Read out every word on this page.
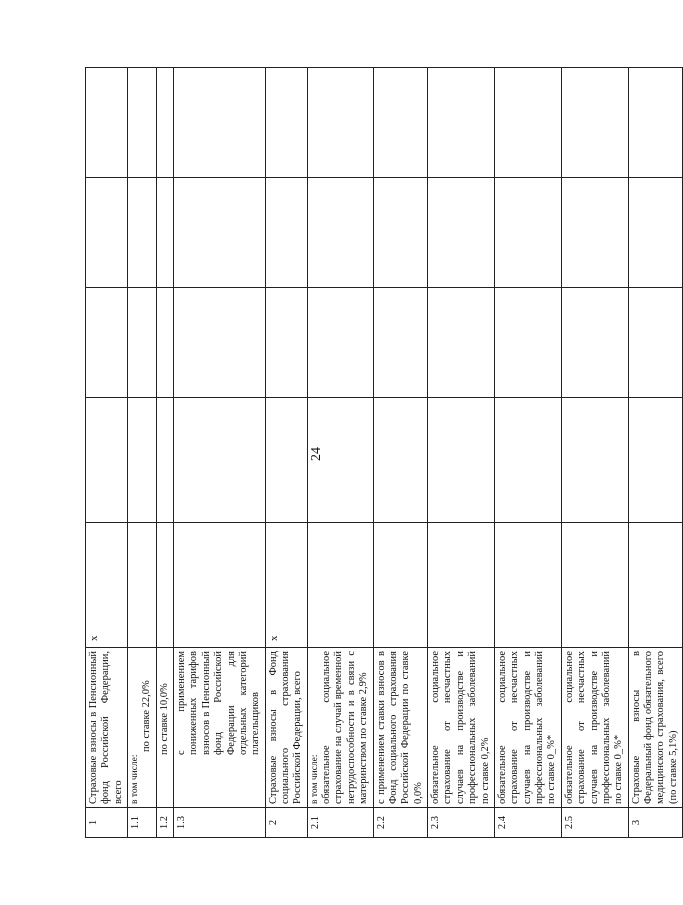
24
1	Страховые взносы в Пенсионный фонд Российской Федерации, всего	x				
1.1	в том числе:
по ставке 22,0%					

1.2	по ставке 10,0%					
1.3	с применением пониженных тарифов взносов в Пенсионный фонд Российской Федерации для отдельных категорий плательщиков					
2	Страховые взносы в Фонд социального страхования Российской Федерации, всего	x				
2.1	в том числе: обязательное социальное страхование на случай временной нетрудоспособности и в связи с материнством по ставке 2,9%					

2.2	с применением ставки взносов в Фонд социального страхования Российской Федерации по ставке 0,0%					
2.3	обязательное социальное страхование от несчастных случаев на производстве и профессиональных заболеваний по ставке 0,2%					
2.4	обязательное социальное страхование от несчастных случаев на производстве и профессиональных заболеваний по ставке 0_%*					
2.5	обязательное социальное страхование от несчастных случаев на производстве и профессиональных заболеваний по ставке 0_%*					
3	Страховые взносы в Федеральный фонд обязательного медицинского страхования, всего (по ставке 5,1%)					
